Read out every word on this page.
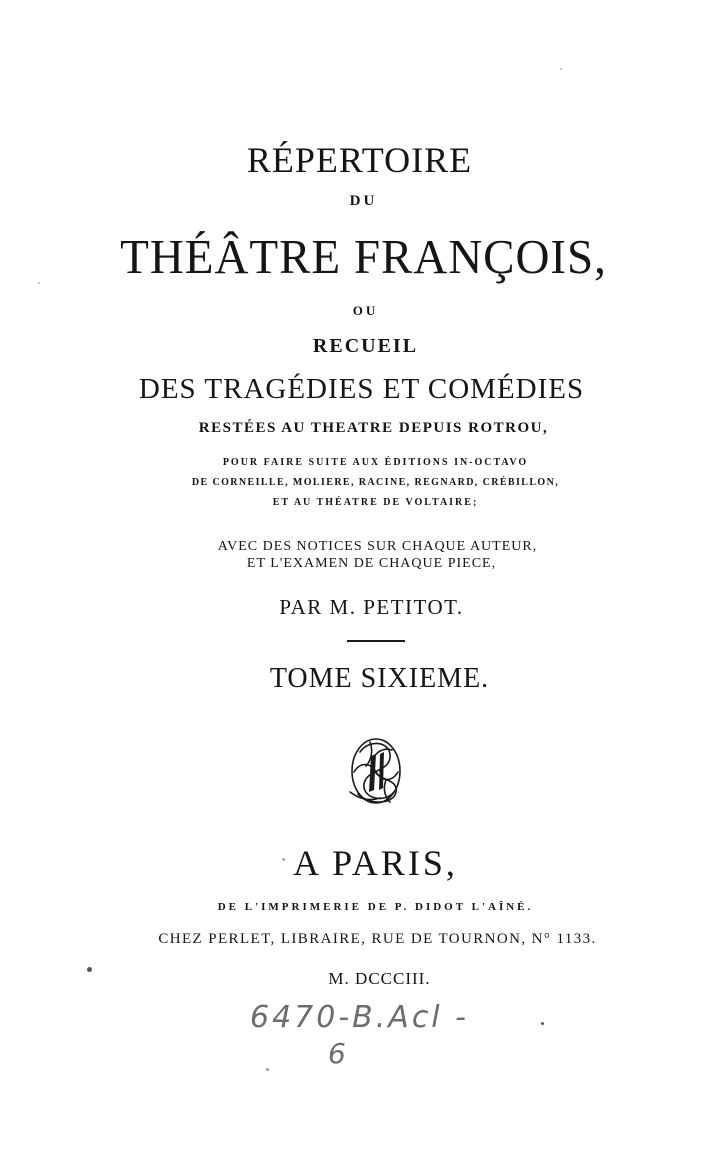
RÉPERTOIRE
DU
THÉÂTRE FRANÇOIS,
OU
RECUEIL
DES TRAGÉDIES ET COMÉDIES
RESTÉES AU THEATRE DEPUIS ROTROU,
POUR FAIRE SUITE AUX ÉDITIONS IN-OCTAVO
DE CORNEILLE, MOLIERE, RACINE, REGNARD, CRÉBILLON,
ET AU THÉATRE DE VOLTAIRE;
AVEC DES NOTICES SUR CHAQUE AUTEUR,
ET L'EXAMEN DE CHAQUE PIECE,
PAR M. PETITOT.
TOME SIXIEME.
A PARIS,
DE L'IMPRIMERIE DE P. DIDOT L'AÎNÉ.
CHEZ PERLET, LIBRAIRE, RUE DE TOURNON, N° 1133.
M. DCCCIII.
6470-B.Acl -
6
